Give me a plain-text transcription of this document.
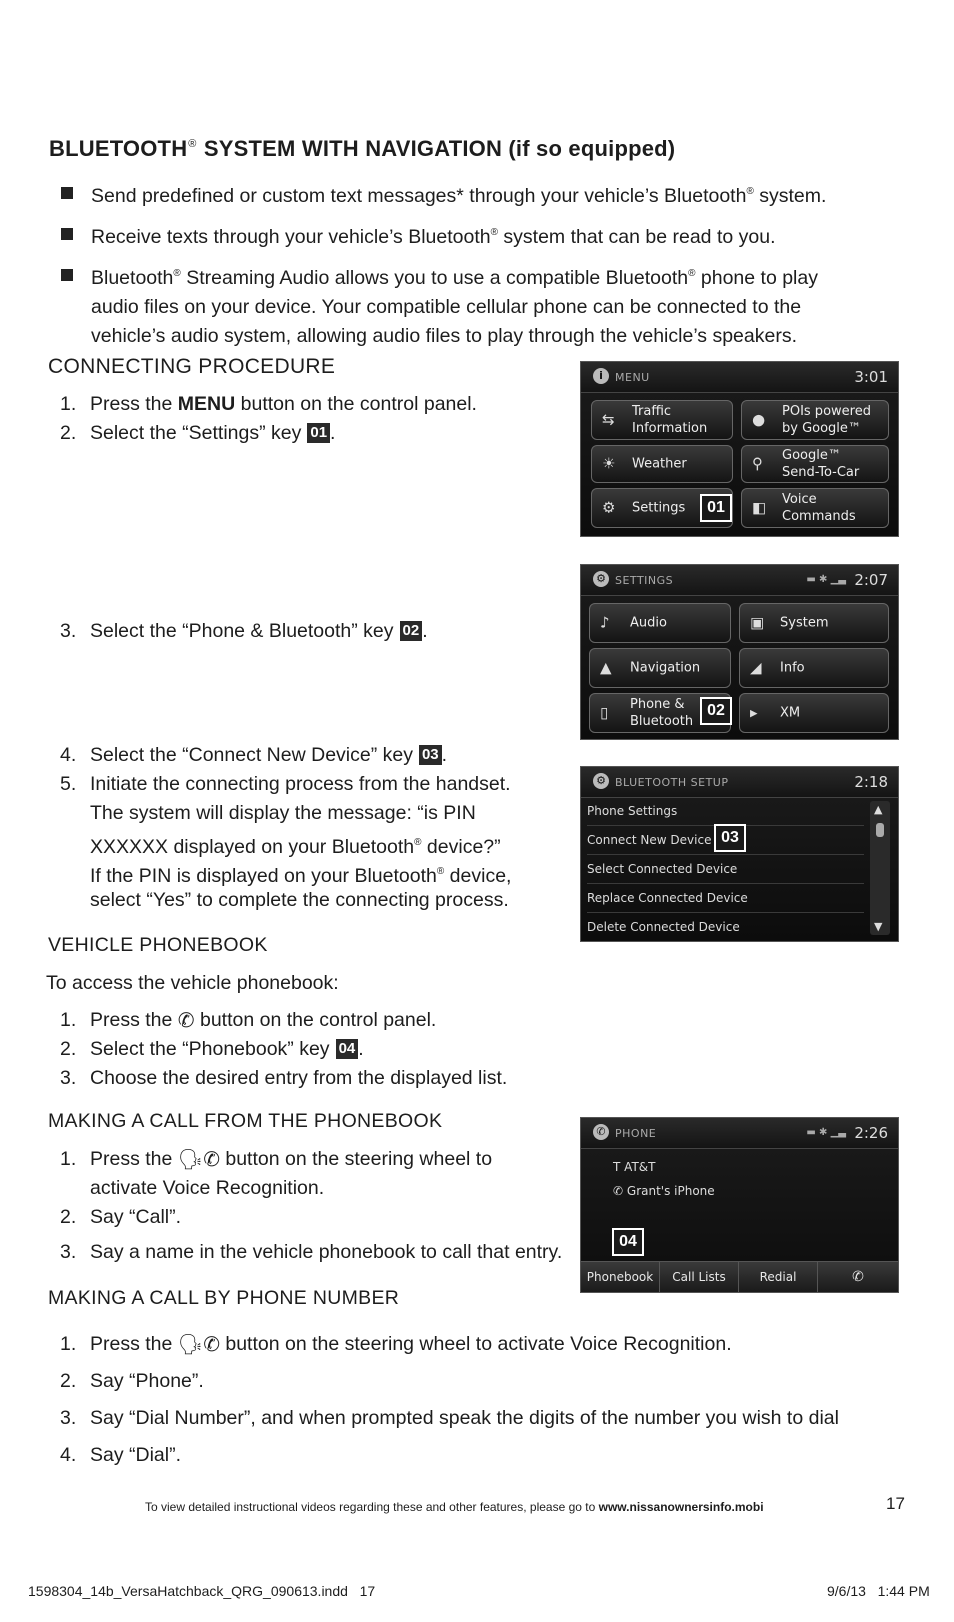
BLUETOOTH® SYSTEM WITH NAVIGATION (if so equipped)
Send predefined or custom text messages* through your vehicle’s Bluetooth® system.
Receive texts through your vehicle’s Bluetooth® system that can be read to you.
Bluetooth® Streaming Audio allows you to use a compatible Bluetooth® phone to play
audio files on your device. Your compatible cellular phone can be connected to the
vehicle’s audio system, allowing audio files to play through the vehicle’s speakers.
CONNECTING PROCEDURE
1. Press the MENU button on the control panel.
2. Select the “Settings” key 01 .
3. Select the “Phone & Bluetooth” key 02 .
4. Select the “Connect New Device” key 03 .
5. Initiate the connecting process from the handset.
The system will display the message: “is PIN
XXXXXX displayed on your Bluetooth® device?”
If the PIN is displayed on your Bluetooth® device,
select “Yes” to complete the connecting process.
VEHICLE PHONEBOOK
To access the vehicle phonebook:
1. Press the ✆ button on the control panel.
2. Select the “Phonebook” key 04 .
3. Choose the desired entry from the displayed list.
MAKING A CALL FROM THE PHONEBOOK
1. Press the 🗣✆ button on the steering wheel to
activate Voice Recognition.
2. Say “Call”.
3. Say a name in the vehicle phonebook to call that entry.
MAKING A CALL BY PHONE NUMBER
1. Press the 🗣✆ button on the steering wheel to activate Voice Recognition.
2. Say “Phone”.
3. Say “Dial Number”, and when prompted speak the digits of the number you wish to dial
4. Say “Dial”.
i	MENU	3:01
⇆ Traffic
Information	● POIs powered
by Google™
☀ Weather	⚲ Google™
Send-To-Car
⚙ Settings	◧ Voice
Commands
01
⚙ SETTINGS	▬ ✱ ▁▃ 2:07
♪ Audio	▣ System
▲ Navigation	◢ Info
▯ Phone &
Bluetooth	▸ XM
02
⚙ BLUETOOTH SETUP	2:18
Phone Settings
Connect New Device
Select Connected Device
Replace Connected Device
Delete Connected Device
▲
▼
03
✆ PHONE	▬ ✱ ▁▃ 2:26
T AT&T
✆ Grant's iPhone
Phonebook	Call Lists	Redial	✆
04
To view detailed instructional videos regarding these and other features, please go to www.nissanownersinfo.mobi	17
1598304_14b_VersaHatchback_QRG_090613.indd   17	9/6/13   1:44 PM
